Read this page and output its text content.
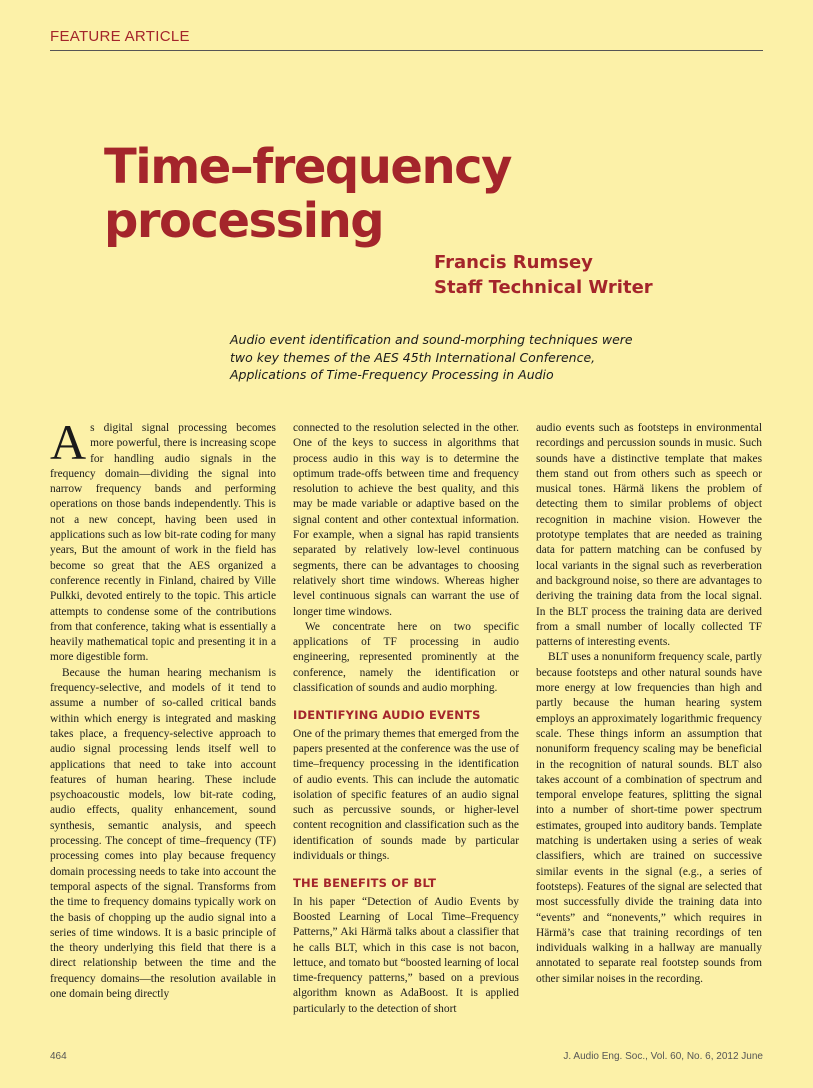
FEATURE ARTICLE
Time–frequency
processing
Francis Rumsey
Staff Technical Writer
Audio event identification and sound-morphing techniques were
two key themes of the AES 45th International Conference,
Applications of Time-Frequency Processing in Audio

As digital signal processing becomes more powerful, there is increasing scope for handling audio signals in the frequency domain—dividing the signal into narrow frequency bands and performing operations on those bands independently. This is not a new concept, having been used in applications such as low bit-rate coding for many years, But the amount of work in the field has become so great that the AES organized a conference recently in Finland, chaired by Ville Pulkki, devoted entirely to the topic. This article attempts to condense some of the contributions from that conference, taking what is essentially a heavily mathematical topic and presenting it in a more digestible form.

Because the human hearing mechanism is frequency-selective, and models of it tend to assume a number of so-called critical bands within which energy is integrated and masking takes place, a frequency-selective approach to audio signal processing lends itself well to applications that need to take into account features of human hearing. These include psychoacoustic models, low bit-rate coding, audio effects, quality enhancement, sound synthesis, semantic analysis, and speech processing. The concept of time–frequency (TF) processing comes into play because frequency domain processing needs to take into account the temporal aspects of the signal. Transforms from the time to frequency domains typically work on the basis of chopping up the audio signal into a series of time windows. It is a basic principle of the theory underlying this field that there is a direct relationship between the time and the frequency domains—the resolution available in one domain being directly

connected to the resolution selected in the other. One of the keys to success in algorithms that process audio in this way is to determine the optimum trade-offs between time and frequency resolution to achieve the best quality, and this may be made variable or adaptive based on the signal content and other contextual information. For example, when a signal has rapid transients separated by relatively low-level continuous segments, there can be advantages to choosing relatively short time windows. Whereas higher level continuous signals can warrant the use of longer time windows.

We concentrate here on two specific applications of TF processing in audio engineering, represented prominently at the conference, namely the identification or classification of sounds and audio morphing.

IDENTIFYING AUDIO EVENTS

One of the primary themes that emerged from the papers presented at the conference was the use of time–frequency processing in the identification of audio events. This can include the automatic isolation of specific features of an audio signal such as percussive sounds, or higher-level content recognition and classification such as the identification of sounds made by particular individuals or things.

THE BENEFITS OF BLT

In his paper “Detection of Audio Events by Boosted Learning of Local Time–Frequency Patterns,” Aki Härmä talks about a classifier that he calls BLT, which in this case is not bacon, lettuce, and tomato but “boosted learning of local time-frequency patterns,” based on a previous algorithm known as AdaBoost. It is applied particularly to the detection of short

audio events such as footsteps in environmental recordings and percussion sounds in music. Such sounds have a distinctive template that makes them stand out from others such as speech or musical tones. Härmä likens the problem of detecting them to similar problems of object recognition in machine vision. However the prototype templates that are needed as training data for pattern matching can be confused by local variants in the signal such as reverberation and background noise, so there are advantages to deriving the training data from the local signal. In the BLT process the training data are derived from a small number of locally collected TF patterns of interesting events.

BLT uses a nonuniform frequency scale, partly because footsteps and other natural sounds have more energy at low frequencies than high and partly because the human hearing system employs an approximately logarithmic frequency scale. These things inform an assumption that nonuniform frequency scaling may be beneficial in the recognition of natural sounds. BLT also takes account of a combination of spectrum and temporal envelope features, splitting the signal into a number of short-time power spectrum estimates, grouped into auditory bands. Template matching is undertaken using a series of weak classifiers, which are trained on successive similar events in the signal (e.g., a series of footsteps). Features of the signal are selected that most successfully divide the training data into “events” and “nonevents,” which requires in Härmä’s case that training recordings of ten individuals walking in a hallway are manually annotated to separate real footstep sounds from other similar noises in the recording.

464	J. Audio Eng. Soc., Vol. 60, No. 6, 2012 June
